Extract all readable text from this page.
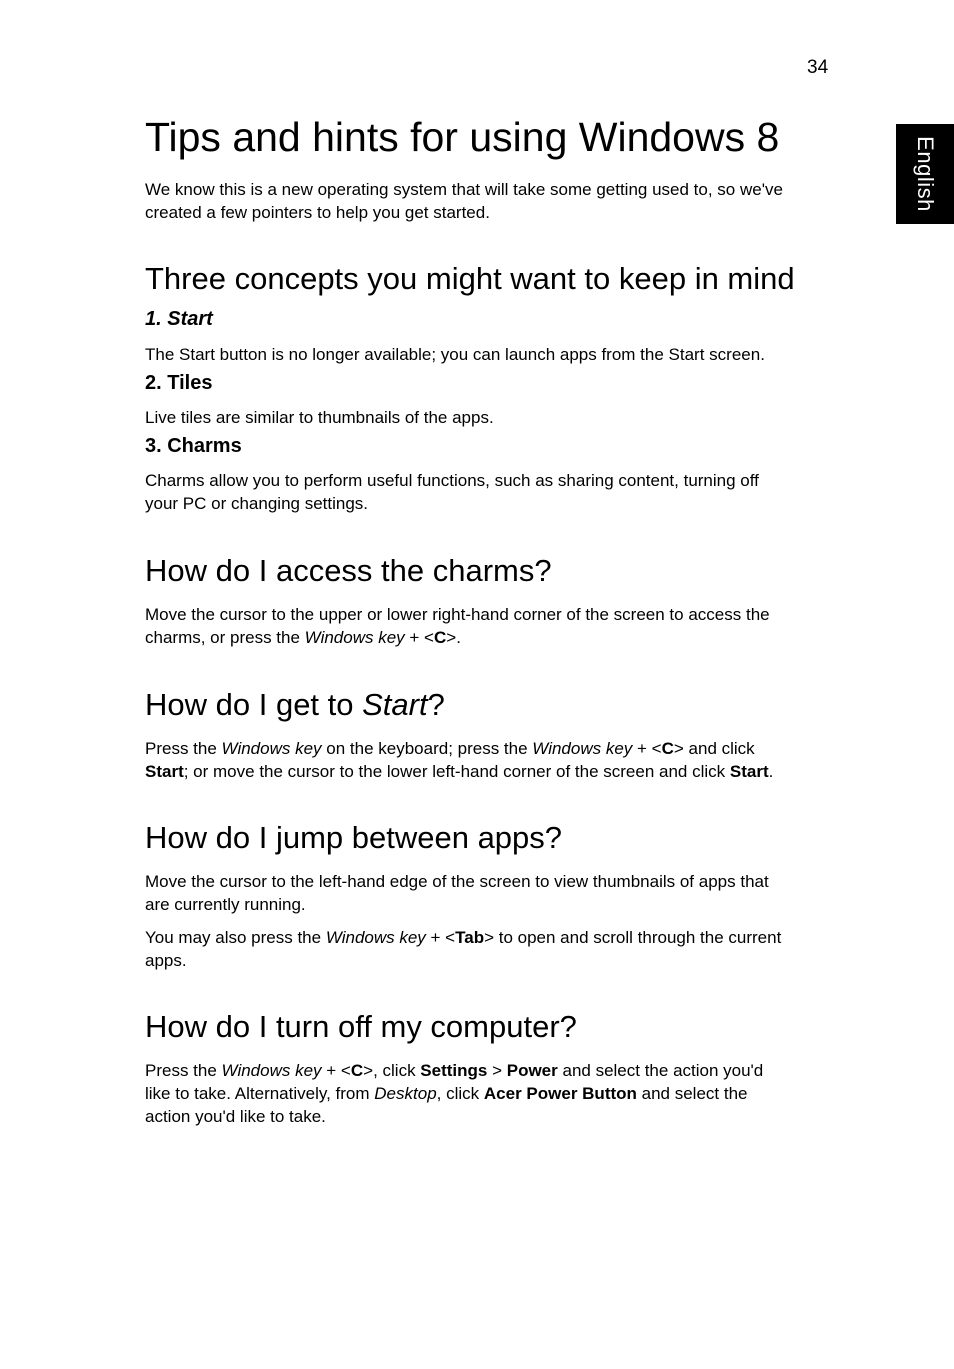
34
English
Tips and hints for using Windows 8

We know this is a new operating system that will take some getting used to, so we've
created a few pointers to help you get started.

Three concepts you might want to keep in mind
1. Start

The Start button is no longer available; you can launch apps from the Start screen.

2. Tiles

Live tiles are similar to thumbnails of the apps.

3. Charms

Charms allow you to perform useful functions, such as sharing content, turning off
your PC or changing settings.

How do I access the charms?

Move the cursor to the upper or lower right-hand corner of the screen to access the
charms, or press the Windows key + <C>.

How do I get to Start?

Press the Windows key on the keyboard; press the Windows key + <C> and click
Start; or move the cursor to the lower left-hand corner of the screen and click Start.

How do I jump between apps?

Move the cursor to the left-hand edge of the screen to view thumbnails of apps that
are currently running.

You may also press the Windows key + <Tab> to open and scroll through the current
apps.

How do I turn off my computer?

Press the Windows key + <C>, click Settings > Power and select the action you'd
like to take. Alternatively, from Desktop, click Acer Power Button and select the
action you'd like to take.
